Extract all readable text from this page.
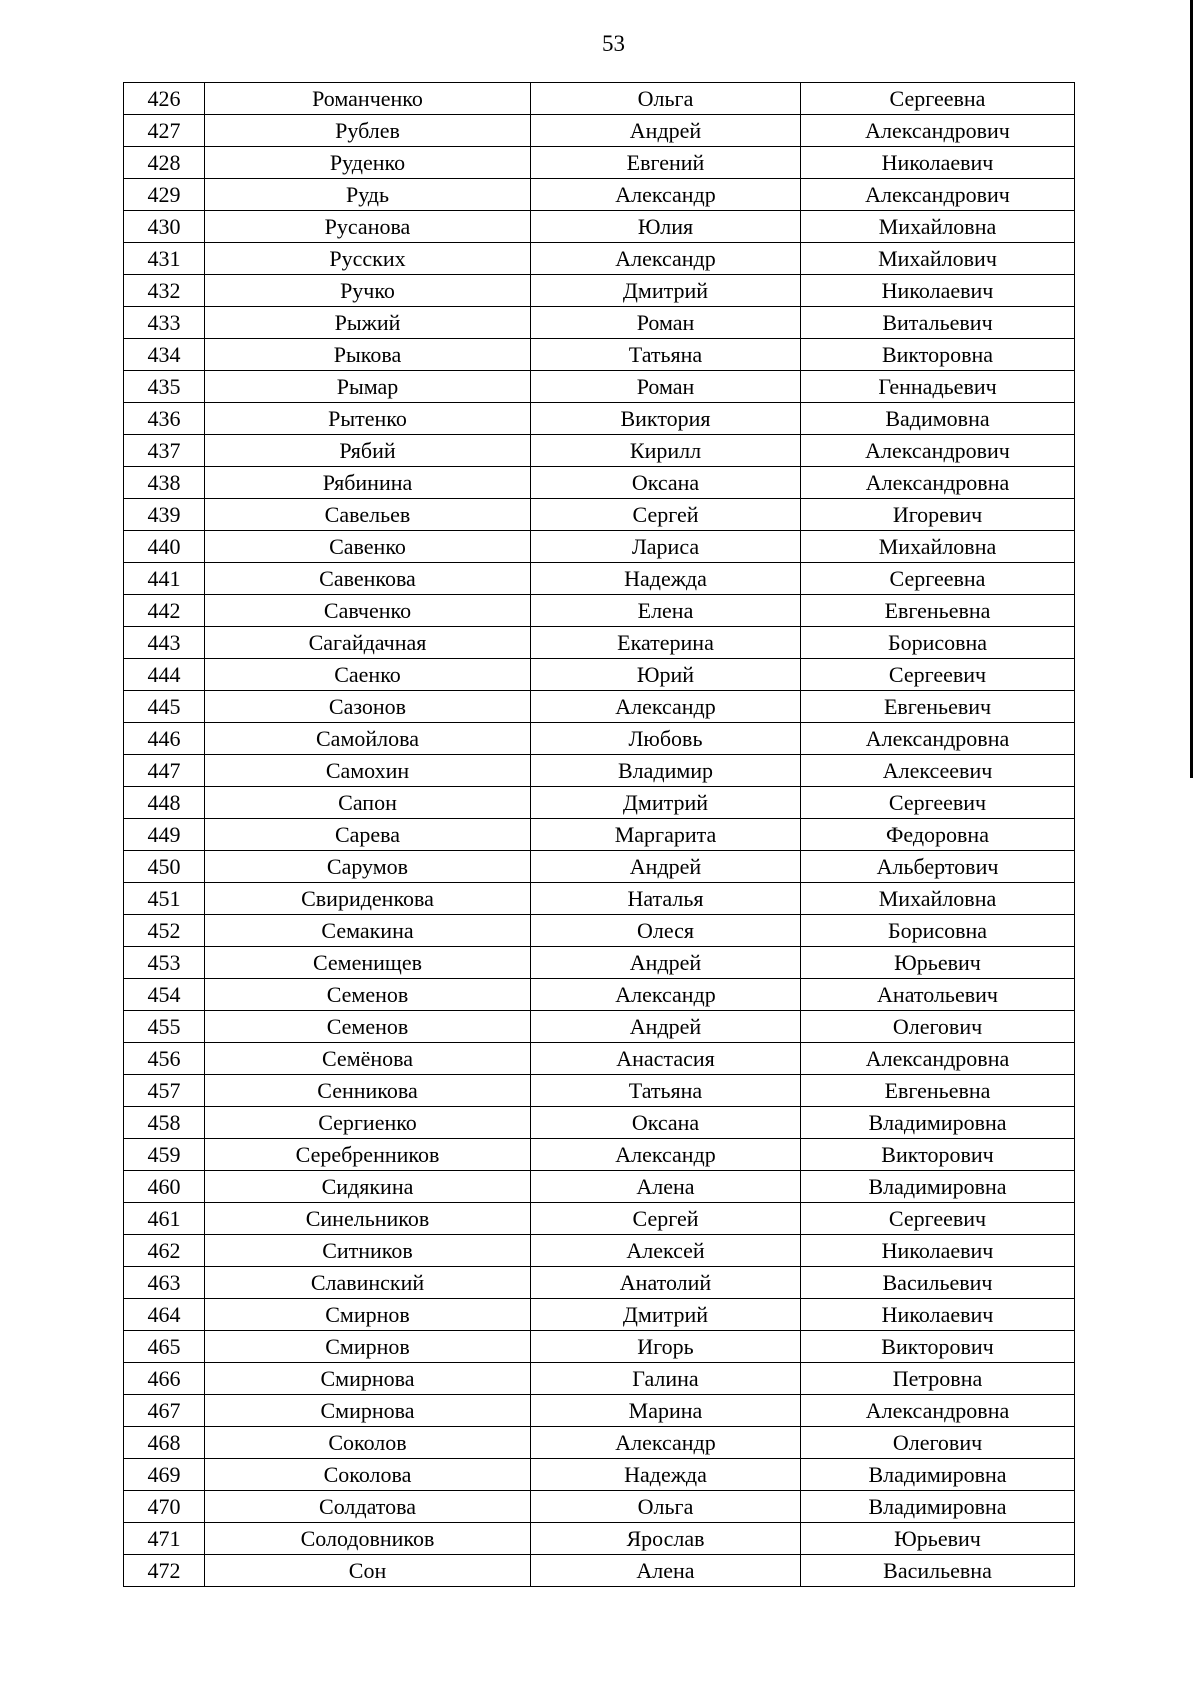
53
426	Романченко	Ольга	Сергеевна
427	Рублев	Андрей	Александрович
428	Руденко	Евгений	Николаевич
429	Рудь	Александр	Александрович
430	Русанова	Юлия	Михайловна
431	Русских	Александр	Михайлович
432	Ручко	Дмитрий	Николаевич
433	Рыжий	Роман	Витальевич
434	Рыкова	Татьяна	Викторовна
435	Рымар	Роман	Геннадьевич
436	Рытенко	Виктория	Вадимовна
437	Рябий	Кирилл	Александрович
438	Рябинина	Оксана	Александровна
439	Савельев	Сергей	Игоревич
440	Савенко	Лариса	Михайловна
441	Савенкова	Надежда	Сергеевна
442	Савченко	Елена	Евгеньевна
443	Сагайдачная	Екатерина	Борисовна
444	Саенко	Юрий	Сергеевич
445	Сазонов	Александр	Евгеньевич
446	Самойлова	Любовь	Александровна
447	Самохин	Владимир	Алексеевич
448	Сапон	Дмитрий	Сергеевич
449	Сарева	Маргарита	Федоровна
450	Сарумов	Андрей	Альбертович
451	Свириденкова	Наталья	Михайловна
452	Семакина	Олеся	Борисовна
453	Семенищев	Андрей	Юрьевич
454	Семенов	Александр	Анатольевич
455	Семенов	Андрей	Олегович
456	Семёнова	Анастасия	Александровна
457	Сенникова	Татьяна	Евгеньевна
458	Сергиенко	Оксана	Владимировна
459	Серебренников	Александр	Викторович
460	Сидякина	Алена	Владимировна
461	Синельников	Сергей	Сергеевич
462	Ситников	Алексей	Николаевич
463	Славинский	Анатолий	Васильевич
464	Смирнов	Дмитрий	Николаевич
465	Смирнов	Игорь	Викторович
466	Смирнова	Галина	Петровна
467	Смирнова	Марина	Александровна
468	Соколов	Александр	Олегович
469	Соколова	Надежда	Владимировна
470	Солдатова	Ольга	Владимировна
471	Солодовников	Ярослав	Юрьевич
472	Сон	Алена	Васильевна
